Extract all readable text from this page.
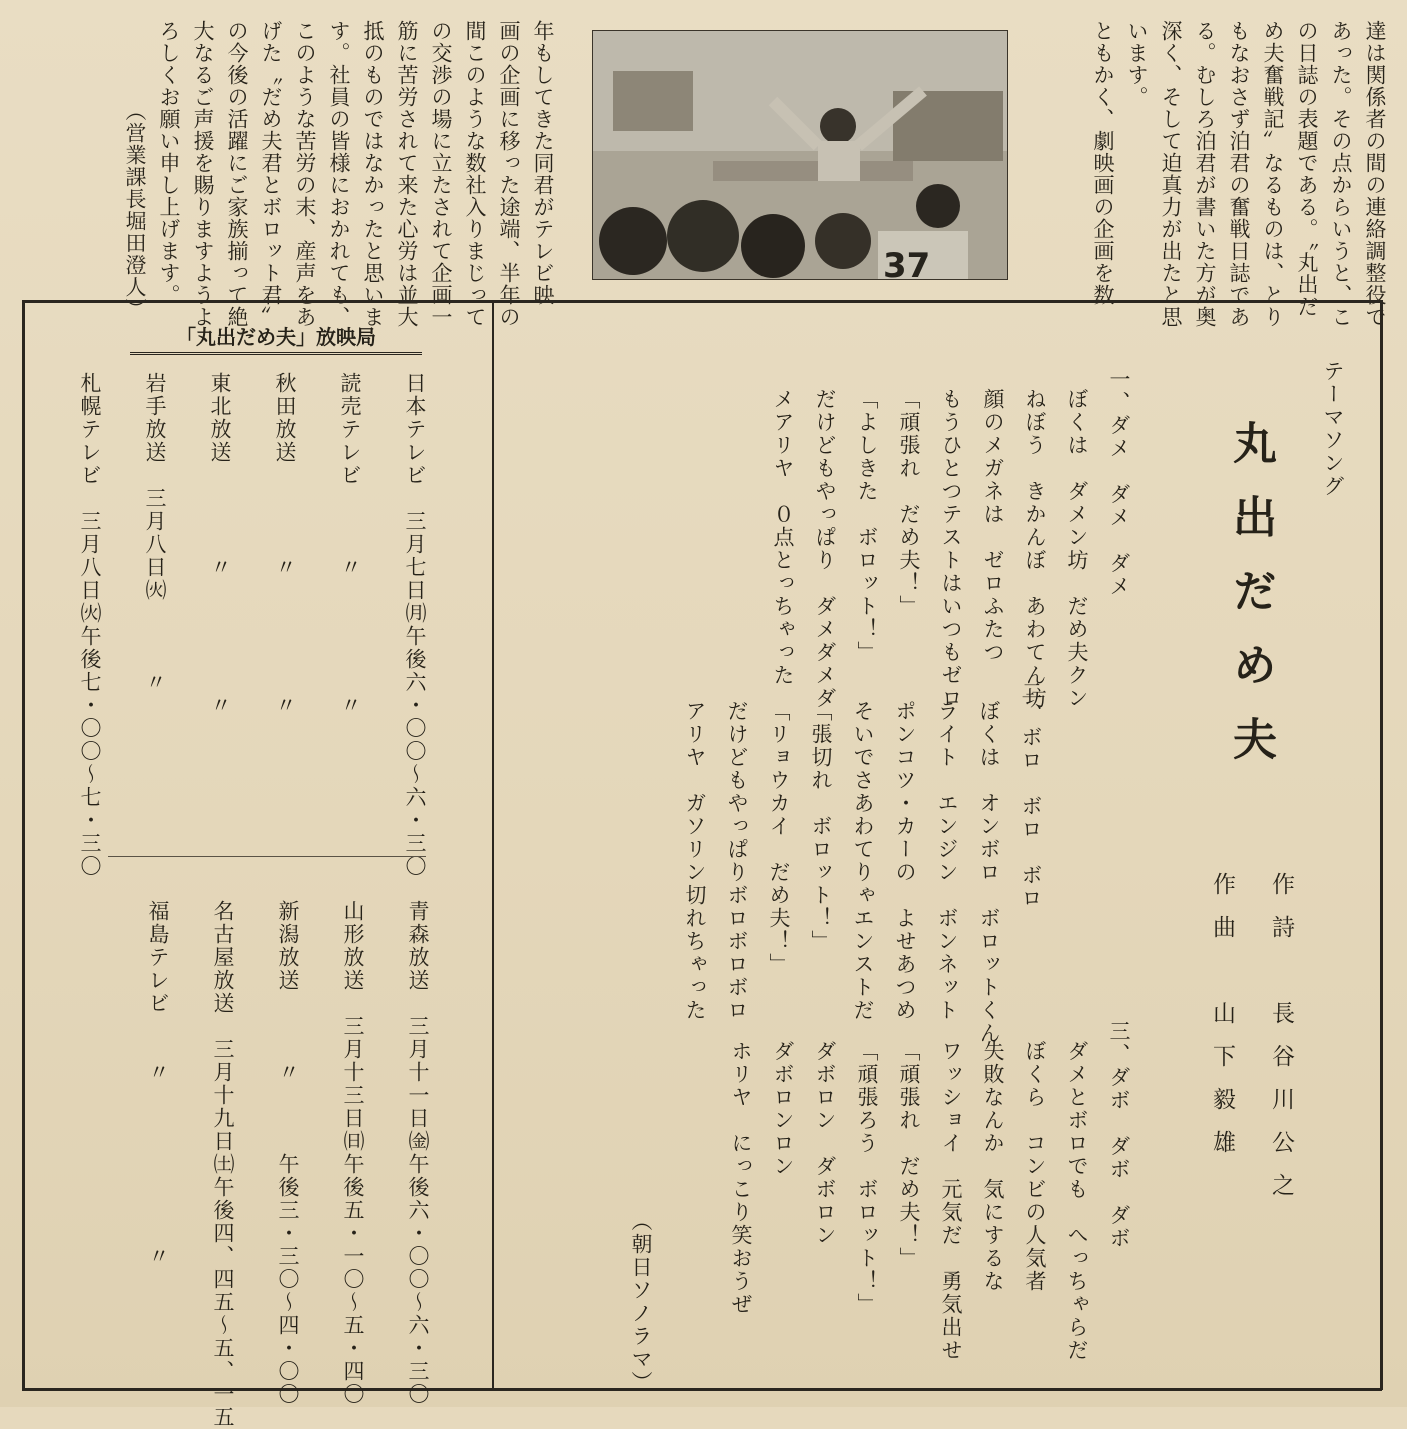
達は関係者の間の連絡調整役で
あった。その点からいうと、こ
の日誌の表題である。〝丸出だ
め夫奮戦記〟なるものは、とり
もなおさず泊君の奮戦日誌であ
る。むしろ泊君が書いた方が奥
深く、そして迫真力が出たと思
います。
ともかく、劇映画の企画を数
37
年もしてきた同君がテレビ映
画の企画に移った途端、半年の
間このような数社入りまじって
の交渉の場に立たされて企画一
筋に苦労されて来た心労は並大
抵のものではなかったと思いま
す。社員の皆様におかれても、
このような苦労の末、産声をあ
げた〝だめ夫君とボロット君〟
の今後の活躍にご家族揃って絶
大なるご声援を賜りますようよ
ろしくお願い申し上げます。
（営業課長堀田澄人）
「丸出だめ夫」放映局
日本テレビ　三月七日㈪午後六・〇〇〜六・三〇
読売テレビ　　　〃　　　　　〃
秋田放送　　　　〃　　　　　〃
東北放送　　　　〃　　　　　〃
岩手放送　三月八日㈫　　　〃
札幌テレビ　三月八日㈫午後七・〇〇〜七・三〇
青森放送　三月十一日㈮午後六・〇〇〜六・三〇
山形放送　三月十三日㈰午後五・一〇〜五・四〇
新潟放送　　　〃　　　午後三・三〇〜四・〇〇
名古屋放送　三月十九日㈯午後四、四五〜五、一五
福島テレビ　　〃　　　　　　　〃
テーマソング
丸出だめ夫
作詩　長谷川公之
作曲　山下毅雄
一、ダメ　ダメ　ダメ
ぼくは　ダメン坊　だめ夫クン
ねぼう　きかんぼ　あわてん坊
顔のメガネは　ゼロふたつ
もうひとつテストはいつもゼロ
「頑張れ　だめ夫！」
「よしきた　ボロット！」
だけどもやっぱり　ダメダメダ
メアリヤ　０点とっちゃった
二、ボロ　ボロ　ボロ
ぼくは　オンボロ　ボロットくん
ライト　エンジン　ボンネット
ポンコツ・カーの　よせあつめ
そいでさあわてりゃエンストだ
「張切れ　ボロット！」
「リョウカイ　だめ夫！」
だけどもやっぱりボロボロボロ
アリヤ　ガソリン切れちゃった
三、ダボ　ダボ　ダボ
ダメとボロでも　へっちゃらだ
ぼくら　コンビの人気者
失敗なんか　気にするな
ワッショイ　元気だ　勇気出せ
「頑張れ　だめ夫！」
「頑張ろう　ボロット！」
ダボロン　ダボロン
ダボロンロン
ホリヤ　にっこり笑おうぜ
（朝日ソノラマ）
